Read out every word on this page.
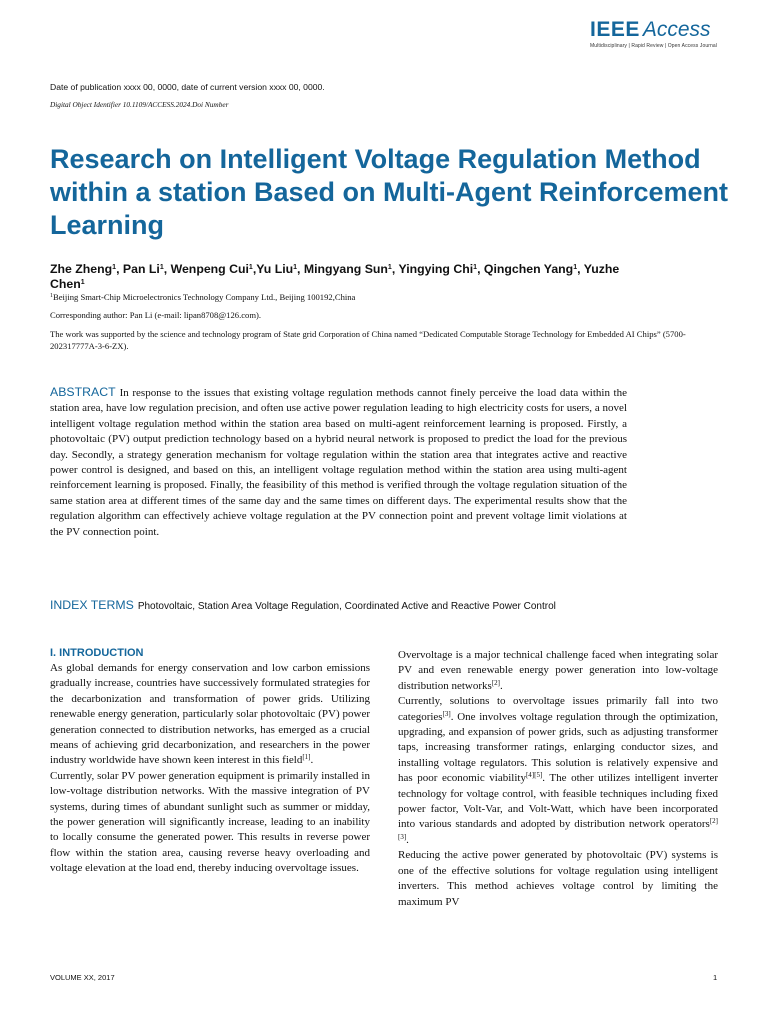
IEEE Access
Multidisciplinary | Rapid Review | Open Access Journal
Date of publication xxxx 00, 0000, date of current version xxxx 00, 0000.
Digital Object Identifier 10.1109/ACCESS.2024.Doi Number
Research on Intelligent Voltage Regulation Method within a station Based on Multi-Agent Reinforcement Learning
Zhe Zheng$^1$, Pan Li$^1$, Wenpeng Cui$^1$,Yu Liu$^1$, Mingyang Sun$^1$, Yingying Chi$^1$, Qingchen Yang$^1$, Yuzhe Chen$^1$
$^1$Beijing Smart-Chip Microelectronics Technology Company Ltd., Beijing 100192,China
Corresponding author: Pan Li (e-mail: lipan8708@126.com).
The work was supported by the science and technology program of State grid Corporation of China named “Dedicated Computable Storage Technology for Embedded AI Chips” (5700-202317777A-3-6-ZX).
ABSTRACT In response to the issues that existing voltage regulation methods cannot finely perceive the load data within the station area, have low regulation precision, and often use active power regulation leading to high electricity costs for users, a novel intelligent voltage regulation method within the station area based on multi-agent reinforcement learning is proposed. Firstly, a photovoltaic (PV) output prediction technology based on a hybrid neural network is proposed to predict the load for the previous day. Secondly, a strategy generation mechanism for voltage regulation within the station area that integrates active and reactive power control is designed, and based on this, an intelligent voltage regulation method within the station area using multi-agent reinforcement learning is proposed. Finally, the feasibility of this method is verified through the voltage regulation situation of the same station area at different times of the same day and the same times on different days. The experimental results show that the regulation algorithm can effectively achieve voltage regulation at the PV connection point and prevent voltage limit violations at the PV connection point.
INDEX TERMS Photovoltaic, Station Area Voltage Regulation, Coordinated Active and Reactive Power Control
I. INTRODUCTION

As global demands for energy conservation and low carbon emissions gradually increase, countries have successively formulated strategies for the decarbonization and transformation of power grids. Utilizing renewable energy generation, particularly solar photovoltaic (PV) power generation connected to distribution networks, has emerged as a crucial means of achieving grid decarbonization, and researchers in the power industry worldwide have shown keen interest in this field[1].

Currently, solar PV power generation equipment is primarily installed in low-voltage distribution networks. With the massive integration of PV systems, during times of abundant sunlight such as summer or midday, the power generation will significantly increase, leading to an inability to locally consume the generated power. This results in reverse power flow within the station area, causing reverse heavy overloading and voltage elevation at the load end, thereby inducing overvoltage issues.

Overvoltage is a major technical challenge faced when integrating solar PV and even renewable energy power generation into low-voltage distribution networks[2].

Currently, solutions to overvoltage issues primarily fall into two categories[3]. One involves voltage regulation through the optimization, upgrading, and expansion of power grids, such as adjusting transformer taps, increasing transformer ratings, enlarging conductor sizes, and installing voltage regulators. This solution is relatively expensive and has poor economic viability[4][5]. The other utilizes intelligent inverter technology for voltage control, with feasible techniques including fixed power factor, Volt-Var, and Volt-Watt, which have been incorporated into various standards and adopted by distribution network operators[2][3].

Reducing the active power generated by photovoltaic (PV) systems is one of the effective solutions for voltage regulation using intelligent inverters. This method achieves voltage control by limiting the maximum PV

VOLUME XX, 2017	1
